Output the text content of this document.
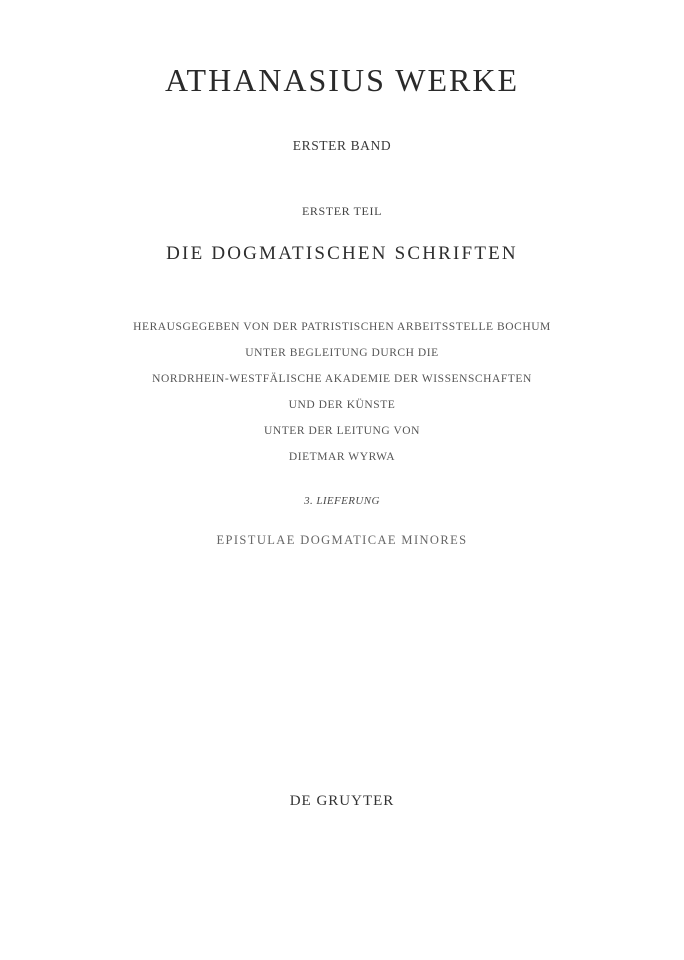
ATHANASIUS WERKE
ERSTER BAND
ERSTER TEIL
DIE DOGMATISCHEN SCHRIFTEN
HERAUSGEGEBEN VON DER PATRISTISCHEN ARBEITSSTELLE BOCHUM
UNTER BEGLEITUNG DURCH DIE
NORDRHEIN-WESTFÄLISCHE AKADEMIE DER WISSENSCHAFTEN
UND DER KÜNSTE
UNTER DER LEITUNG VON
DIETMAR WYRWA
3. LIEFERUNG
EPISTULAE DOGMATICAE MINORES
DE GRUYTER
